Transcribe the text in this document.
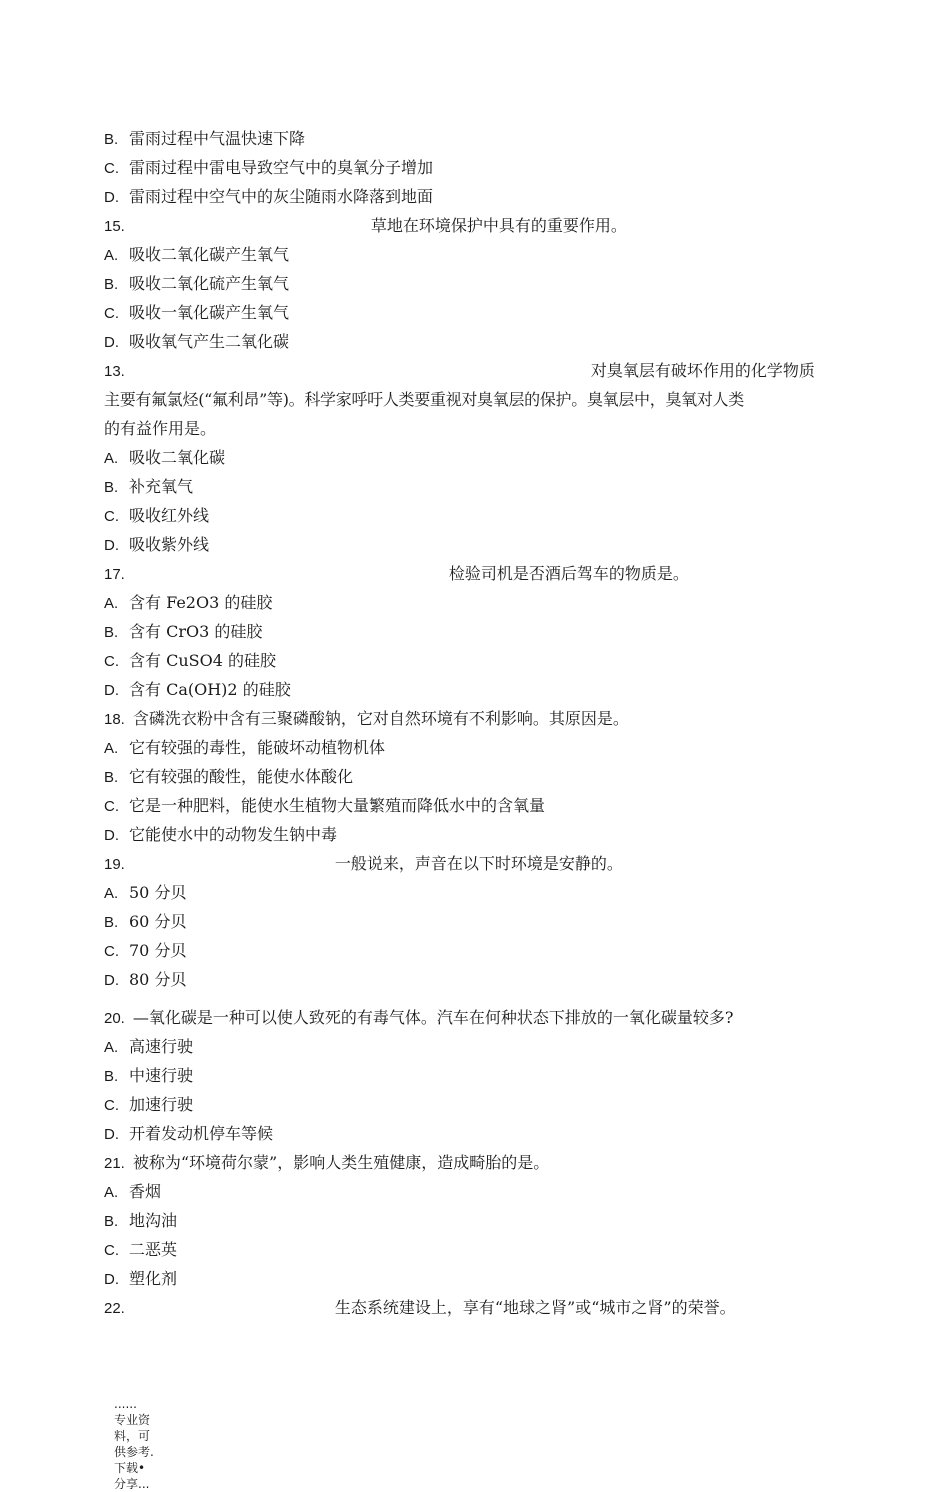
B. 雷雨过程中气温快速下降
C. 雷雨过程中雷电导致空气中的臭氧分子增加
D. 雷雨过程中空气中的灰尘随雨水降落到地面
15.	草地在环境保护中具有的重要作用。
A. 吸收二氧化碳产生氧气
B. 吸收二氧化硫产生氧气
C. 吸收一氧化碳产生氧气
D. 吸收氧气产生二氧化碳
13.	对臭氧层有破坏作用的化学物质
主要有氟氯烃(“氟利昂”等)。科学家呼吁人类要重视对臭氧层的保护。臭氧层中，臭氧对人类
的有益作用是。
A. 吸收二氧化碳
B. 补充氧气
C. 吸收红外线
D. 吸收紫外线
17.	检验司机是否酒后驾车的物质是。
A. 含有 Fe2O3 的硅胶
B. 含有 CrO3 的硅胶
C. 含有 CuSO4 的硅胶
D. 含有 Ca(OH)2 的硅胶
18. 含磷洗衣粉中含有三聚磷酸钠，它对自然环境有不利影响。其原因是。
A. 它有较强的毒性，能破坏动植物机体
B. 它有较强的酸性，能使水体酸化
C. 它是一种肥料，能使水生植物大量繁殖而降低水中的含氧量
D. 它能使水中的动物发生钠中毒
19.	一般说来，声音在以下时环境是安静的。
A. 50 分贝
B. 60 分贝
C. 70 分贝
D. 80 分贝
20. —氧化碳是一种可以使人致死的有毒气体。汽车在何种状态下排放的一氧化碳量较多?
A. 高速行驶
B. 中速行驶
C. 加速行驶
D. 开着发动机停车等候
21. 被称为“环境荷尔蒙”，影响人类生殖健康，造成畸胎的是。
A. 香烟
B. 地沟油
C. 二恶英
D. 塑化剂
22.	生态系统建设上，享有“地球之肾”或“城市之肾”的荣誉。
......
专业资
料，可
供参考.
下载•
分享...
